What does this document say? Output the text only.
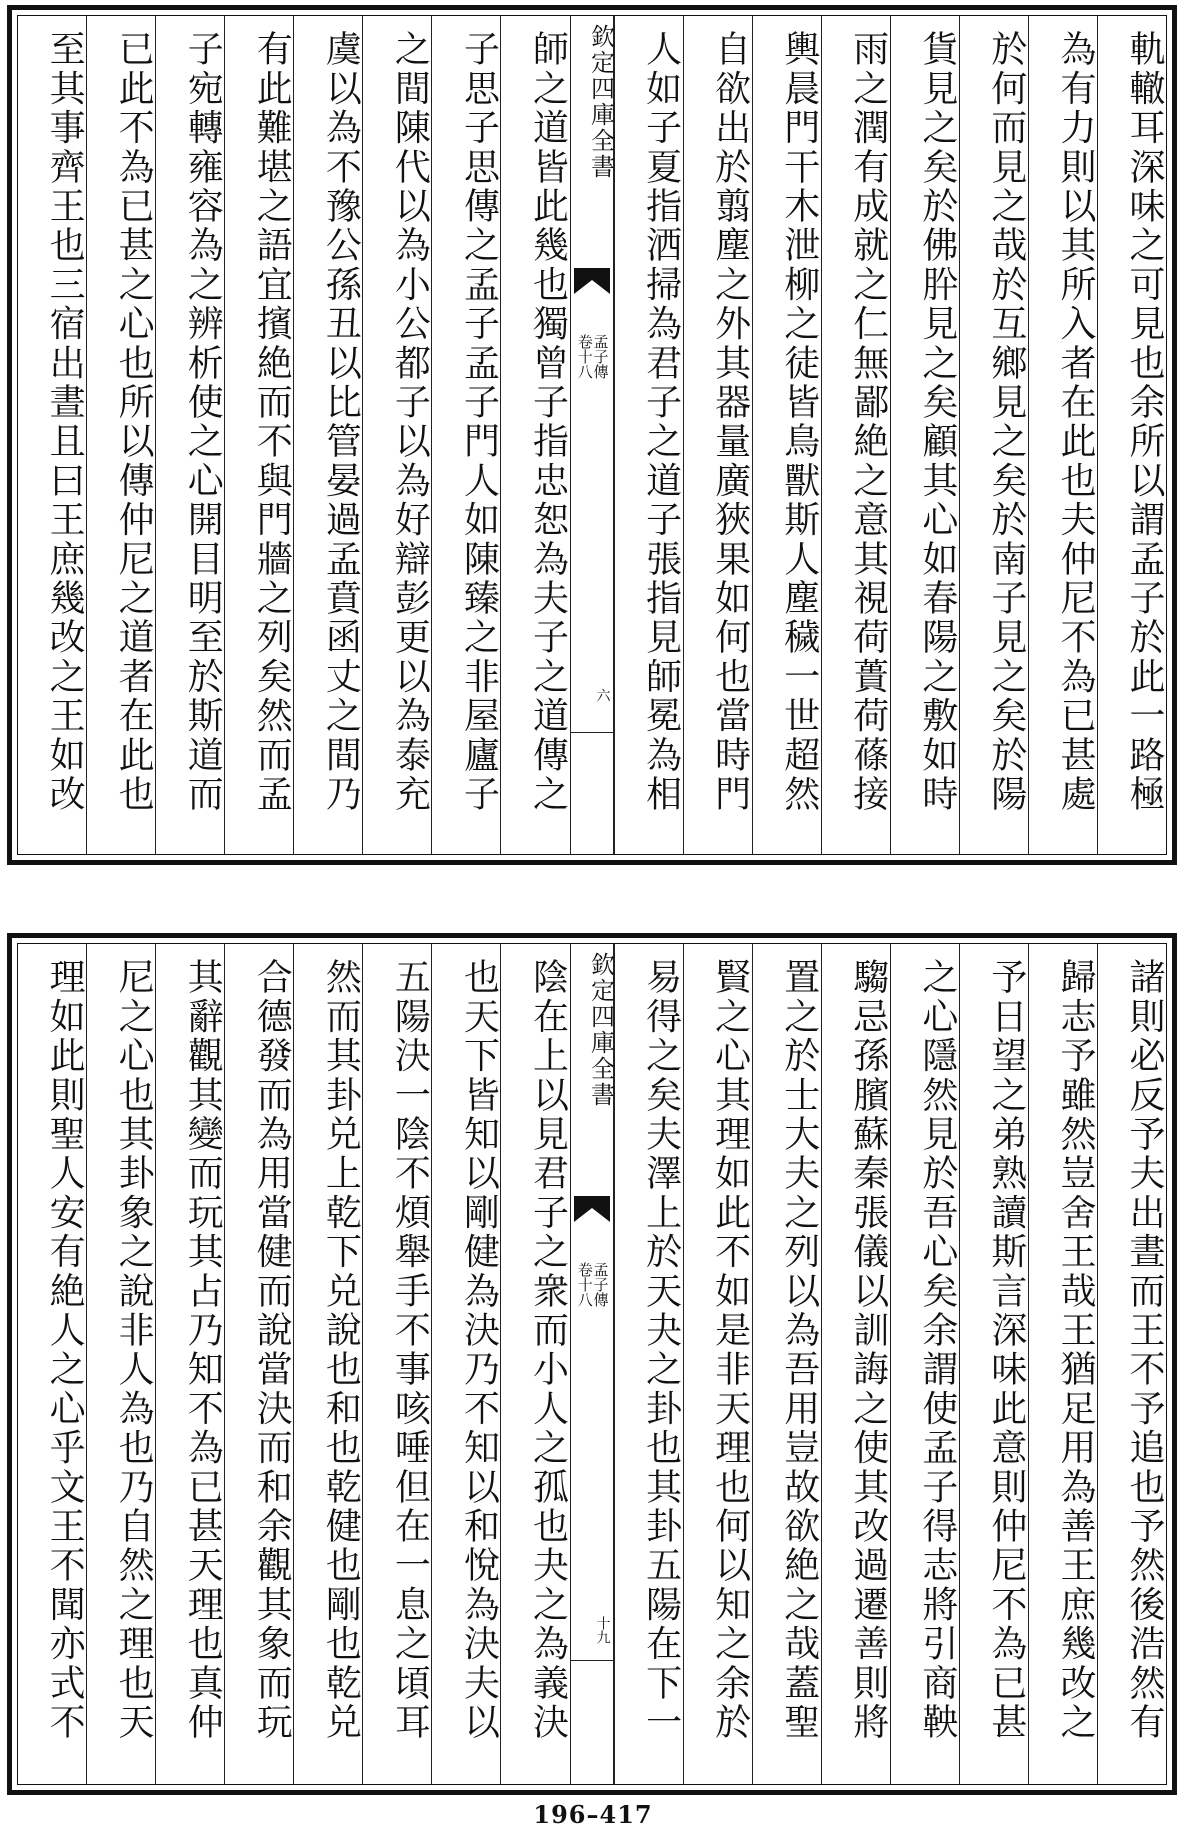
軌轍耳深味之可見也余所以謂孟子於此一路極
為有力則以其所入者在此也夫仲尼不為已甚處
於何而見之哉於互鄉見之矣於南子見之矣於陽
貨見之矣於佛肸見之矣顧其心如春陽之敷如時
雨之潤有成就之仁無鄙絶之意其視荷蕢荷蓧接
輿晨門干木泄柳之徒皆鳥獸斯人塵穢一世超然
自欲出於翦塵之外其器量廣狹果如何也當時門
人如子夏指洒掃為君子之道子張指見師冕為相
欽定四庫全書
孟子傳
卷十八
六
師之道皆此幾也獨曾子指忠恕為夫子之道傳之
子思子思傳之孟子孟子門人如陳臻之非屋廬子
之間陳代以為小公都子以為好辯彭更以為泰充
虞以為不豫公孫丑以比管晏過孟賁函丈之間乃
有此難堪之語宜擯絶而不與門牆之列矣然而孟
子宛轉雍容為之辨析使之心開目明至於斯道而
已此不為已甚之心也所以傳仲尼之道者在此也
至其事齊王也三宿出晝且曰王庶幾改之王如改
諸則必反予夫出晝而王不予追也予然後浩然有
歸志予雖然豈舍王哉王猶足用為善王庶幾改之
予日望之弟熟讀斯言深味此意則仲尼不為已甚
之心隱然見於吾心矣余謂使孟子得志將引商鞅
騶忌孫臏蘇秦張儀以訓誨之使其改過遷善則將
置之於士大夫之列以為吾用豈故欲絶之哉蓋聖
賢之心其理如此不如是非天理也何以知之余於
易得之矣夫澤上於天夬之卦也其卦五陽在下一
欽定四庫全書
孟子傳
卷十八
十九
陰在上以見君子之衆而小人之孤也夬之為義決
也天下皆知以剛健為決乃不知以和悅為決夫以
五陽決一陰不煩舉手不事咳唾但在一息之頃耳
然而其卦兑上乾下兑說也和也乾健也剛也乾兑
合德發而為用當健而說當決而和余觀其象而玩
其辭觀其變而玩其占乃知不為已甚天理也真仲
尼之心也其卦象之說非人為也乃自然之理也天
理如此則聖人安有絶人之心乎文王不聞亦式不
196–417
